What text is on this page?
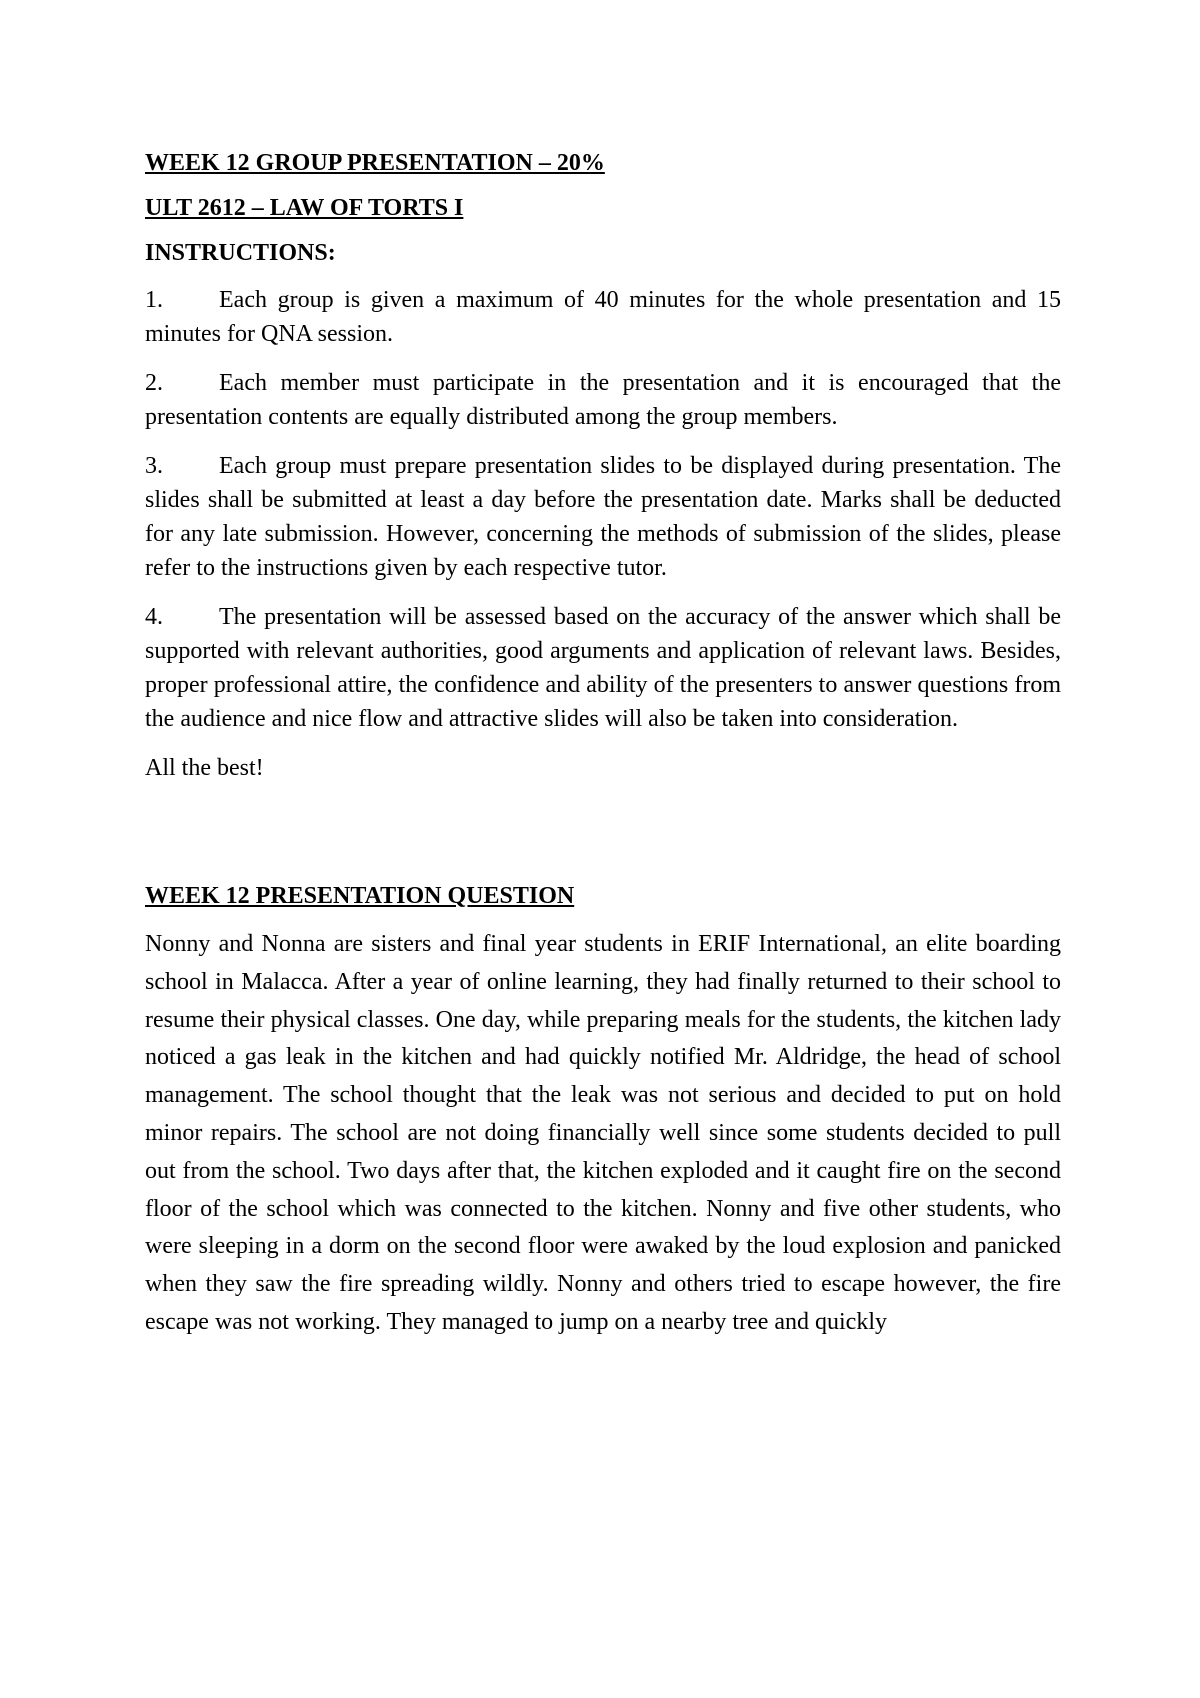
WEEK 12 GROUP PRESENTATION – 20%
ULT 2612 – LAW OF TORTS I
INSTRUCTIONS:
1. Each group is given a maximum of 40 minutes for the whole presentation and 15 minutes for QNA session.
2. Each member must participate in the presentation and it is encouraged that the presentation contents are equally distributed among the group members.
3. Each group must prepare presentation slides to be displayed during presentation. The slides shall be submitted at least a day before the presentation date. Marks shall be deducted for any late submission. However, concerning the methods of submission of the slides, please refer to the instructions given by each respective tutor.
4. The presentation will be assessed based on the accuracy of the answer which shall be supported with relevant authorities, good arguments and application of relevant laws. Besides, proper professional attire, the confidence and ability of the presenters to answer questions from the audience and nice flow and attractive slides will also be taken into consideration.

All the best!

WEEK 12 PRESENTATION QUESTION

Nonny and Nonna are sisters and final year students in ERIF International, an elite boarding school in Malacca. After a year of online learning, they had finally returned to their school to resume their physical classes. One day, while preparing meals for the students, the kitchen lady noticed a gas leak in the kitchen and had quickly notified Mr. Aldridge, the head of school management. The school thought that the leak was not serious and decided to put on hold minor repairs. The school are not doing financially well since some students decided to pull out from the school. Two days after that, the kitchen exploded and it caught fire on the second floor of the school which was connected to the kitchen. Nonny and five other students, who were sleeping in a dorm on the second floor were awaked by the loud explosion and panicked when they saw the fire spreading wildly. Nonny and others tried to escape however, the fire escape was not working. They managed to jump on a nearby tree and quickly
